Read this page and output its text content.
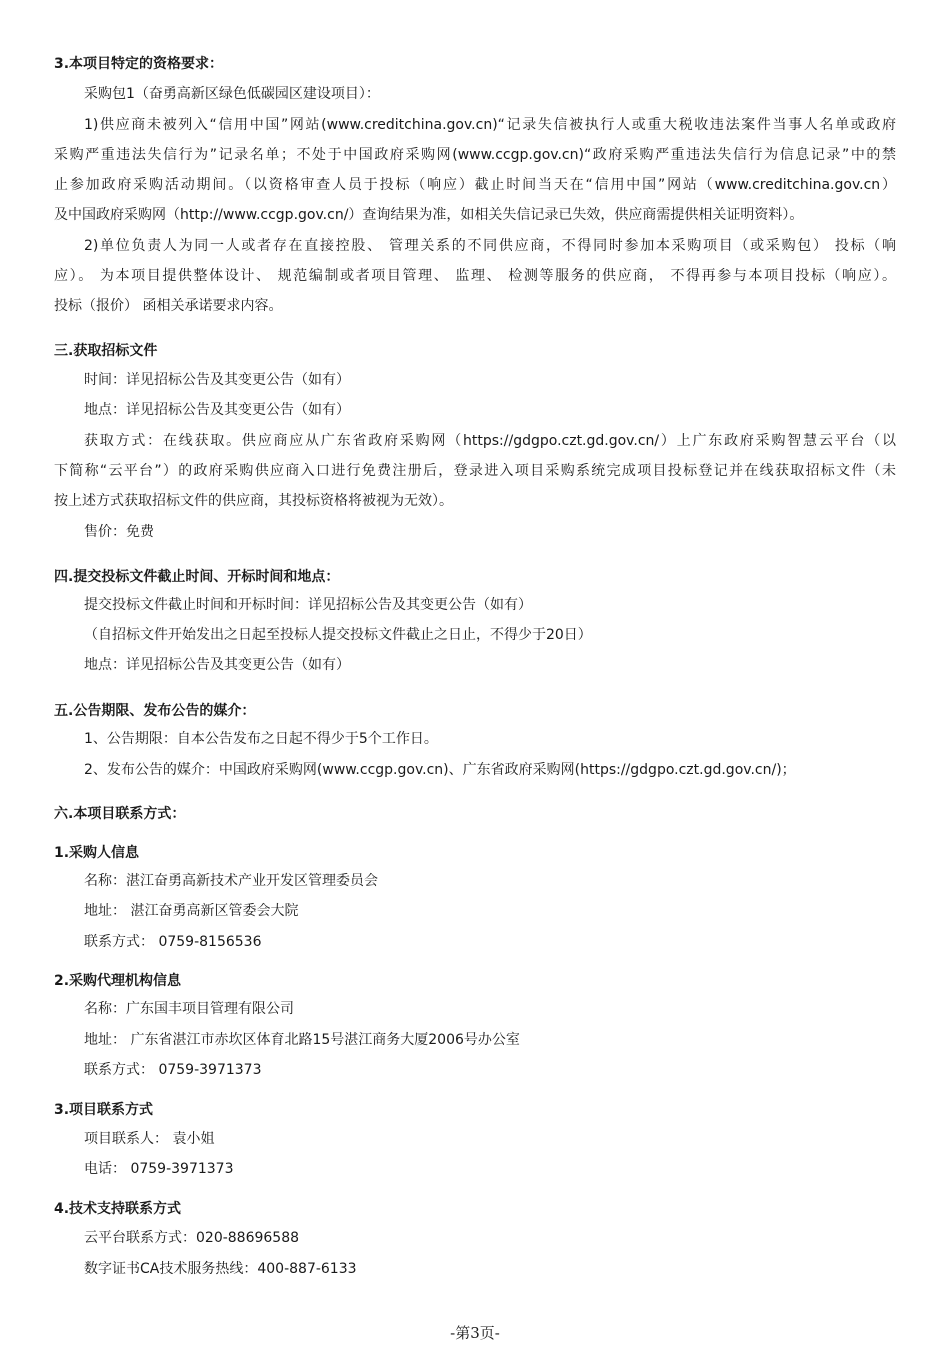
3.本项目特定的资格要求：
采购包1（奋勇高新区绿色低碳园区建设项目）：
1)供应商未被列入“信用中国”网站(www.creditchina.gov.cn)“记录失信被执行人或重大税收违法案件当事人名单或政府
采购严重违法失信行为”记录名单；不处于中国政府采购网(www.ccgp.gov.cn)“政府采购严重违法失信行为信息记录”中的禁
止参加政府采购活动期间。（以资格审查人员于投标（响应）截止时间当天在“信用中国”网站（www.creditchina.gov.cn）
及中国政府采购网（http://www.ccgp.gov.cn/）查询结果为准，如相关失信记录已失效，供应商需提供相关证明资料）。
2)单位负责人为同一人或者存在直接控股、 管理关系的不同供应商，不得同时参加本采购项目（或采购包） 投标（响
应）。 为本项目提供整体设计、 规范编制或者项目管理、 监理、 检测等服务的供应商， 不得再参与本项目投标（响应）。
投标（报价） 函相关承诺要求内容。
三.获取招标文件
时间：详见招标公告及其变更公告（如有）
地点：详见招标公告及其变更公告（如有）
获取方式：在线获取。供应商应从广东省政府采购网（https://gdgpo.czt.gd.gov.cn/）上广东政府采购智慧云平台（以
下简称“云平台”）的政府采购供应商入口进行免费注册后，登录进入项目采购系统完成项目投标登记并在线获取招标文件（未
按上述方式获取招标文件的供应商，其投标资格将被视为无效）。
售价：免费
四.提交投标文件截止时间、开标时间和地点：
提交投标文件截止时间和开标时间：详见招标公告及其变更公告（如有）
（自招标文件开始发出之日起至投标人提交投标文件截止之日止，不得少于20日）
地点：详见招标公告及其变更公告（如有）
五.公告期限、发布公告的媒介：
1、公告期限：自本公告发布之日起不得少于5个工作日。
2、发布公告的媒介：中国政府采购网(www.ccgp.gov.cn)、广东省政府采购网(https://gdgpo.czt.gd.gov.cn/)；
六.本项目联系方式：
1.采购人信息
名称：湛江奋勇高新技术产业开发区管理委员会
地址： 湛江奋勇高新区管委会大院
联系方式： 0759-8156536
2.采购代理机构信息
名称：广东国丰项目管理有限公司
地址： 广东省湛江市赤坎区体育北路15号湛江商务大厦2006号办公室
联系方式： 0759-3971373
3.项目联系方式
项目联系人： 袁小姐
电话： 0759-3971373
4.技术支持联系方式
云平台联系方式：020-88696588
数字证书CA技术服务热线：400-887-6133
-第3页-
